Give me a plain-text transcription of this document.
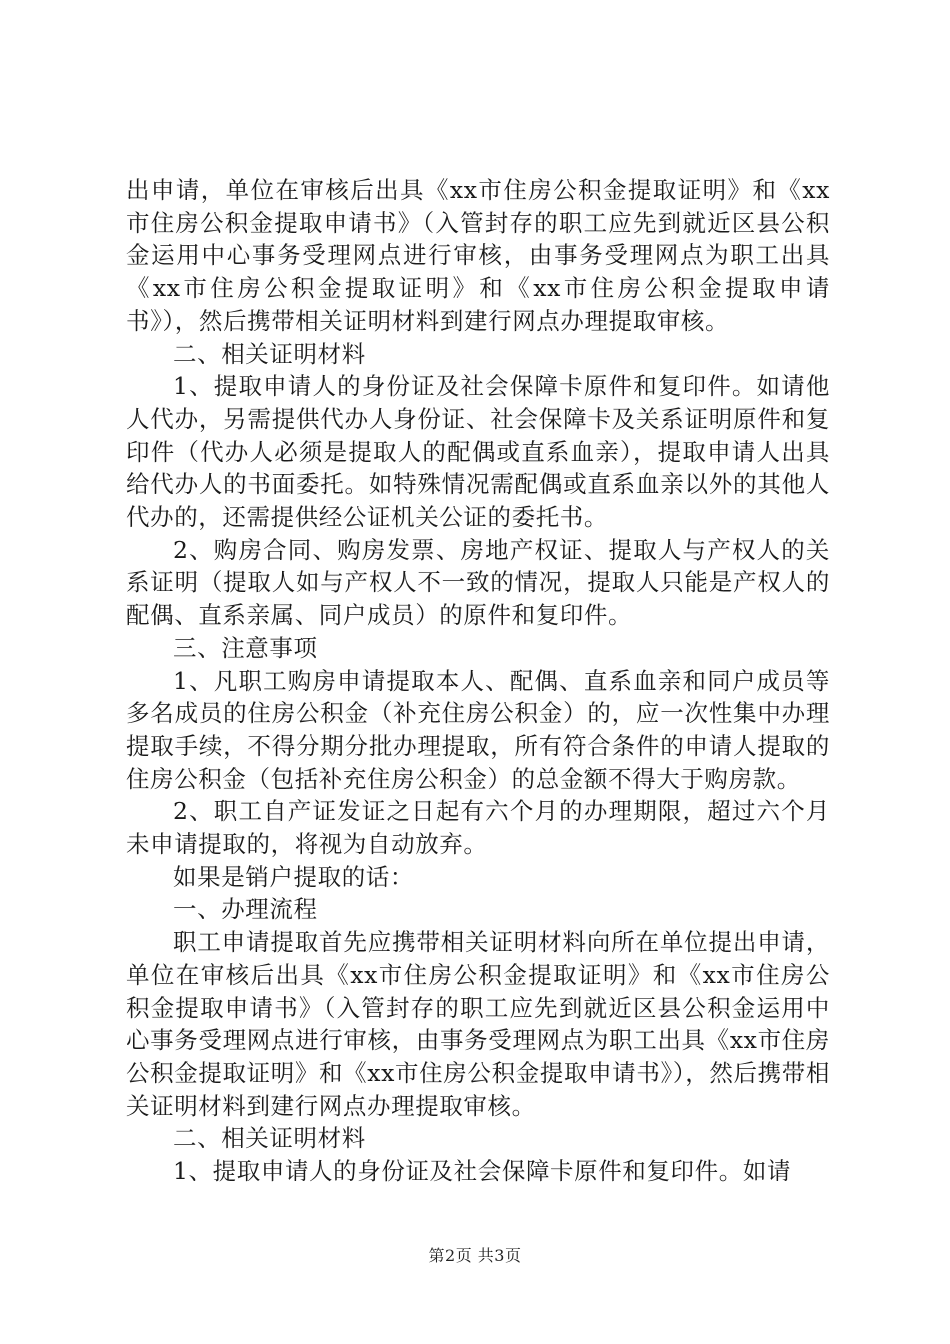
出申请，单位在审核后出具《xx市住房公积金提取证明》和《xx市住房公积金提取申请书》（入管封存的职工应先到就近区县公积金运用中心事务受理网点进行审核，由事务受理网点为职工出具《xx市住房公积金提取证明》和《xx市住房公积金提取申请书》），然后携带相关证明材料到建行网点办理提取审核。

二、相关证明材料

1、提取申请人的身份证及社会保障卡原件和复印件。如请他人代办，另需提供代办人身份证、社会保障卡及关系证明原件和复印件（代办人必须是提取人的配偶或直系血亲），提取申请人出具给代办人的书面委托。如特殊情况需配偶或直系血亲以外的其他人代办的，还需提供经公证机关公证的委托书。

2、购房合同、购房发票、房地产权证、提取人与产权人的关系证明（提取人如与产权人不一致的情况，提取人只能是产权人的配偶、直系亲属、同户成员）的原件和复印件。

三、注意事项

1、凡职工购房申请提取本人、配偶、直系血亲和同户成员等多名成员的住房公积金（补充住房公积金）的，应一次性集中办理提取手续，不得分期分批办理提取，所有符合条件的申请人提取的住房公积金（包括补充住房公积金）的总金额不得大于购房款。

2、职工自产证发证之日起有六个月的办理期限，超过六个月未申请提取的，将视为自动放弃。

如果是销户提取的话：

一、办理流程

职工申请提取首先应携带相关证明材料向所在单位提出申请，单位在审核后出具《xx市住房公积金提取证明》和《xx市住房公积金提取申请书》（入管封存的职工应先到就近区县公积金运用中心事务受理网点进行审核，由事务受理网点为职工出具《xx市住房公积金提取证明》和《xx市住房公积金提取申请书》），然后携带相关证明材料到建行网点办理提取审核。

二、相关证明材料

1、提取申请人的身份证及社会保障卡原件和复印件。如请

第2页 共3页
